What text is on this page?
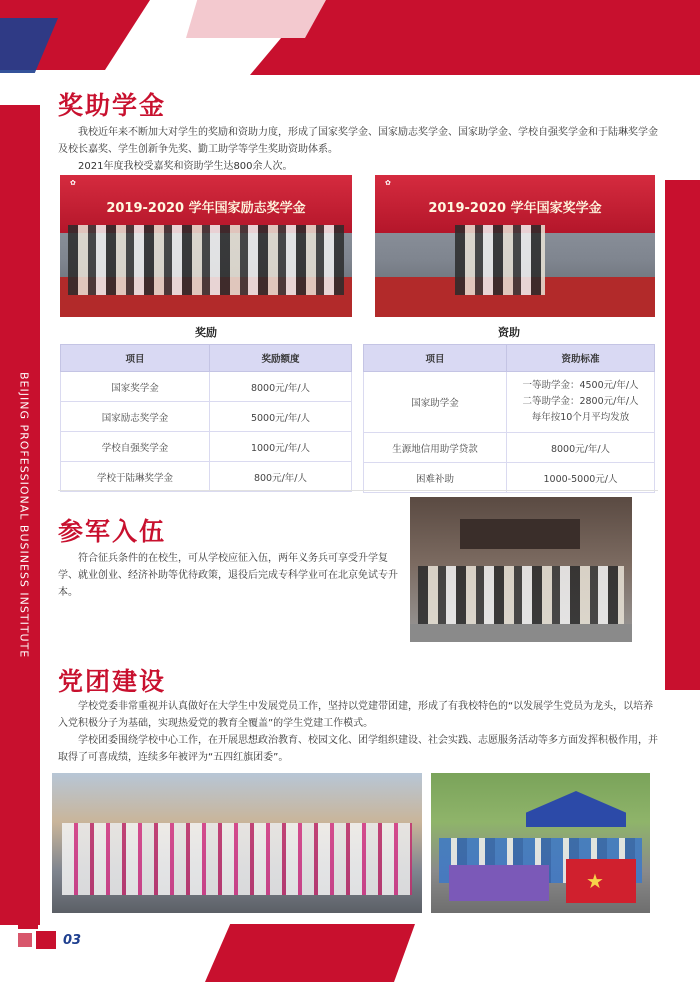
BEIJING PROFESSIONAL BUSINESS INSTITUTE
奖助学金

我校近年来不断加大对学生的奖励和资助力度，形成了国家奖学金、国家励志奖学金、国家助学金、学校自强奖学金和于陆琳奖学金及校长嘉奖、学生创新争先奖、勤工助学等学生奖助资助体系。

2021年度我校受嘉奖和资助学生达800余人次。

✿
2019-2020 学年国家励志奖学金
✿
2019-2020 学年国家奖学金
奖励
项目	奖励额度
国家奖学金	8000元/年/人
国家励志奖学金	5000元/年/人
学校自强奖学金	1000元/年/人
学校于陆琳奖学金	800元/年/人
资助
项目	资助标准
国家助学金	一等助学金：4500元/年/人
二等助学金：2800元/年/人
每年按10个月平均发放

生源地信用助学贷款	8000元/年/人
困难补助	1000-5000元/人
参军入伍

符合征兵条件的在校生，可从学校应征入伍，两年义务兵可享受升学复学、就业创业、经济补助等优待政策，退役后完成专科学业可在北京免试专升本。

党团建设

学校党委非常重视并认真做好在大学生中发展党员工作，坚持以党建带团建，形成了有我校特色的“以发展学生党员为龙头，以培养入党积极分子为基础，实现热爱党的教育全覆盖”的学生党建工作模式。

学校团委围绕学校中心工作，在开展思想政治教育、校园文化、团学组织建设、社会实践、志愿服务活动等多方面发挥积极作用，并取得了可喜成绩，连续多年被评为“五四红旗团委”。

★
03
